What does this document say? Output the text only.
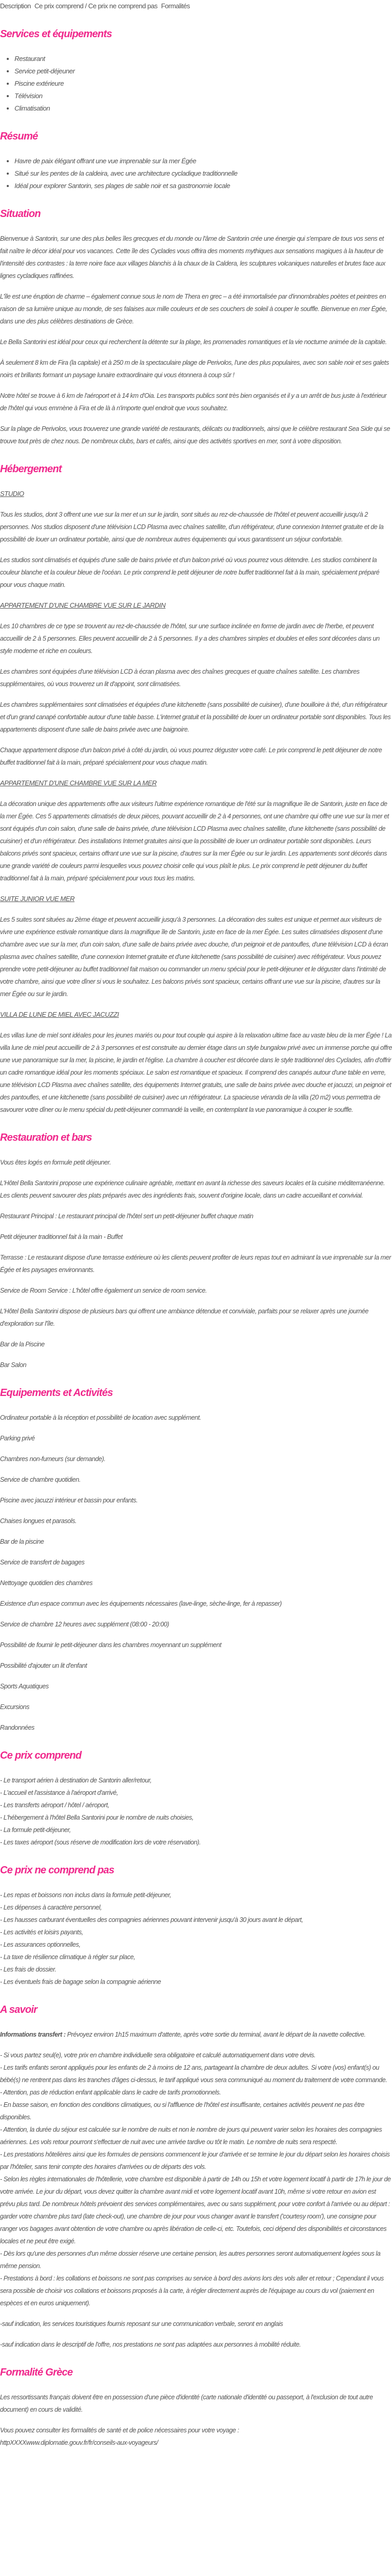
Description Ce prix comprend / Ce prix ne comprend pas Formalités
Services et équipements
• Restaurant
• Service petit-déjeuner
• Piscine extérieure
• Télévision
• Climatisation
Résumé
• Havre de paix élégant offrant une vue imprenable sur la mer Égée
• Situé sur les pentes de la caldeira, avec une architecture cycladique traditionnelle
• Idéal pour explorer Santorin, ses plages de sable noir et sa gastronomie locale
Situation

Bienvenue à Santorin, sur une des plus belles îles grecques et du monde ou l'âme de Santorin crée une énergie qui s'empare de tous vos sens et fait naître le décor idéal pour vos vacances. Cette île des Cyclades vous offrira des moments mythiques aux sensations magiques à la hauteur de l'intensité des contrastes : la terre noire face aux villages blanchis à la chaux de la Caldera, les sculptures volcaniques naturelles et brutes face aux lignes cycladiques raffinées.

L'île est une éruption de charme – également connue sous le nom de Thera en grec – a été immortalisée par d'innombrables poètes et peintres en raison de sa lumière unique au monde, de ses falaises aux mille couleurs et de ses couchers de soleil à couper le souffle. Bienvenue en mer Égée, dans une des plus célèbres destinations de Grèce.

Le Bella Santorini est idéal pour ceux qui recherchent la détente sur la plage, les promenades romantiques et la vie nocturne animée de la capitale.

À seulement 8 km de Fira (la capitale) et à 250 m de la spectaculaire plage de Perivolos, l'une des plus populaires, avec son sable noir et ses galets noirs et brillants formant un paysage lunaire extraordinaire qui vous étonnera à coup sûr !

Notre hôtel se trouve à 6 km de l'aéroport et à 14 km d'Oia. Les transports publics sont très bien organisés et il y a un arrêt de bus juste à l'extérieur de l'hôtel qui vous emmène à Fira et de là à n'importe quel endroit que vous souhaitez.

Sur la plage de Perivolos, vous trouverez une grande variété de restaurants, délicats ou traditionnels, ainsi que le célèbre restaurant Sea Side qui se trouve tout près de chez nous. De nombreux clubs, bars et cafés, ainsi que des activités sportives en mer, sont à votre disposition.

Hébergement
STUDIO

Tous les studios, dont 3 offrent une vue sur la mer et un sur le jardin, sont situés au rez-de-chaussée de l'hôtel et peuvent accueillir jusqu'à 2 personnes. Nos studios disposent d'une télévision LCD Plasma avec chaînes satellite, d'un réfrigérateur, d'une connexion Internet gratuite et de la possibilité de louer un ordinateur portable, ainsi que de nombreux autres équipements qui vous garantissent un séjour confortable.

Les studios sont climatisés et équipés d'une salle de bains privée et d'un balcon privé où vous pourrez vous détendre. Les studios combinent la couleur blanche et la couleur bleue de l'océan. Le prix comprend le petit déjeuner de notre buffet traditionnel fait à la main, spécialement préparé pour vous chaque matin.

APPARTEMENT D'UNE CHAMBRE VUE SUR LE JARDIN

Les 10 chambres de ce type se trouvent au rez-de-chaussée de l'hôtel, sur une surface inclinée en forme de jardin avec de l'herbe, et peuvent accueillir de 2 à 5 personnes. Elles peuvent accueillir de 2 à 5 personnes. Il y a des chambres simples et doubles et elles sont décorées dans un style moderne et riche en couleurs.

Les chambres sont équipées d'une télévision LCD à écran plasma avec des chaînes grecques et quatre chaînes satellite. Les chambres supplémentaires, où vous trouverez un lit d'appoint, sont climatisées.

Les chambres supplémentaires sont climatisées et équipées d'une kitchenette (sans possibilité de cuisiner), d'une bouilloire à thé, d'un réfrigérateur et d'un grand canapé confortable autour d'une table basse. L'internet gratuit et la possibilité de louer un ordinateur portable sont disponibles. Tous les appartements disposent d'une salle de bains privée avec une baignoire.

Chaque appartement dispose d'un balcon privé à côté du jardin, où vous pourrez déguster votre café. Le prix comprend le petit déjeuner de notre buffet traditionnel fait à la main, préparé spécialement pour vous chaque matin.

APPARTEMENT D'UNE CHAMBRE VUE SUR LA MER

La décoration unique des appartements offre aux visiteurs l'ultime expérience romantique de l'été sur la magnifique île de Santorin, juste en face de la mer Égée. Ces 5 appartements climatisés de deux pièces, pouvant accueillir de 2 à 4 personnes, ont une chambre qui offre une vue sur la mer et sont équipés d'un coin salon, d'une salle de bains privée, d'une télévision LCD Plasma avec chaînes satellite, d'une kitchenette (sans possibilité de cuisiner) et d'un réfrigérateur. Des installations Internet gratuites ainsi que la possibilité de louer un ordinateur portable sont disponibles. Leurs balcons privés sont spacieux, certains offrant une vue sur la piscine, d'autres sur la mer Égée ou sur le jardin. Les appartements sont décorés dans une grande variété de couleurs parmi lesquelles vous pouvez choisir celle qui vous plaît le plus. Le prix comprend le petit déjeuner du buffet traditionnel fait à la main, préparé spécialement pour vous tous les matins.

SUITE JUNIOR VUE MER

Les 5 suites sont situées au 2ème étage et peuvent accueillir jusqu'à 3 personnes. La décoration des suites est unique et permet aux visiteurs de vivre une expérience estivale romantique dans la magnifique île de Santorin, juste en face de la mer Égée. Les suites climatisées disposent d'une chambre avec vue sur la mer, d'un coin salon, d'une salle de bains privée avec douche, d'un peignoir et de pantoufles, d'une télévision LCD à écran plasma avec chaînes satellite, d'une connexion Internet gratuite et d'une kitchenette (sans possibilité de cuisiner) avec réfrigérateur. Vous pouvez prendre votre petit-déjeuner au buffet traditionnel fait maison ou commander un menu spécial pour le petit-déjeuner et le déguster dans l'intimité de votre chambre, ainsi que votre dîner si vous le souhaitez. Les balcons privés sont spacieux, certains offrant une vue sur la piscine, d'autres sur la mer Égée ou sur le jardin.

VILLA DE LUNE DE MIEL AVEC JACUZZI

Les villas lune de miel sont idéales pour les jeunes mariés ou pour tout couple qui aspire à la relaxation ultime face au vaste bleu de la mer Égée ! La villa lune de miel peut accueillir de 2 à 3 personnes et est construite au dernier étage dans un style bungalow privé avec un immense porche qui offre une vue panoramique sur la mer, la piscine, le jardin et l'église. La chambre à coucher est décorée dans le style traditionnel des Cyclades, afin d'offrir un cadre romantique idéal pour les moments spéciaux. Le salon est romantique et spacieux. Il comprend des canapés autour d'une table en verre, une télévision LCD Plasma avec chaînes satellite, des équipements Internet gratuits, une salle de bains privée avec douche et jacuzzi, un peignoir et des pantoufles, et une kitchenette (sans possibilité de cuisiner) avec un réfrigérateur. La spacieuse véranda de la villa (20 m2) vous permettra de savourer votre dîner ou le menu spécial du petit-déjeuner commandé la veille, en contemplant la vue panoramique à couper le souffle.

Restauration et bars

Vous êtes logés en formule petit déjeuner.

L'Hôtel Bella Santorini propose une expérience culinaire agréable, mettant en avant la richesse des saveurs locales et la cuisine méditerranéenne. Les clients peuvent savourer des plats préparés avec des ingrédients frais, souvent d'origine locale, dans un cadre accueillant et convivial.

Restaurant Principal : Le restaurant principal de l'hôtel sert un petit-déjeuner buffet chaque matin

Petit déjeuner traditionnel fait à la main - Buffet

Terrasse : Le restaurant dispose d'une terrasse extérieure où les clients peuvent profiter de leurs repas tout en admirant la vue imprenable sur la mer Égée et les paysages environnants.

Service de Room Service : L'hôtel offre également un service de room service.

L'Hôtel Bella Santorini dispose de plusieurs bars qui offrent une ambiance détendue et conviviale, parfaits pour se relaxer après une journée d'exploration sur l'île.

Bar de la Piscine

Bar Salon

Equipements et Activités

Ordinateur portable à la réception et possibilité de location avec supplément.

Parking privé

Chambres non-fumeurs (sur demande).

Service de chambre quotidien.

Piscine avec jacuzzi intérieur et bassin pour enfants.

Chaises longues et parasols.

Bar de la piscine

Service de transfert de bagages

Nettoyage quotidien des chambres

Existence d'un espace commun avec les équipements nécessaires (lave-linge, sèche-linge, fer à repasser)

Service de chambre 12 heures avec supplément (08:00 - 20:00)

Possibilité de fournir le petit-déjeuner dans les chambres moyennant un supplément

Possibilité d'ajouter un lit d'enfant

Sports Aquatiques

Excursions

Randonnées

Ce prix comprend
- Le transport aérien à destination de Santorin aller/retour,
- L'accueil et l'assistance à l'aéroport d'arrivé,
- Les transferts aéroport / hôtel / aéroport,
- L'hébergement à l'hôtel Bella Santorini pour le nombre de nuits choisies,
- La formule petit-déjeuner,
- Les taxes aéroport (sous réserve de modification lors de votre réservation).
Ce prix ne comprend pas
- Les repas et boissons non inclus dans la formule petit-déjeuner,
- Les dépenses à caractère personnel,
- Les hausses carburant éventuelles des compagnies aériennes pouvant intervenir jusqu'à 30 jours avant le départ,
- Les activités et loisirs payants,
- Les assurances optionnelles,
- La taxe de résilience climatique à régler sur place,
- Les frais de dossier.
- Les éventuels frais de bagage selon la compagnie aérienne
A savoir

Informations transfert : Prévoyez environ 1h15 maximum d'attente, après votre sortie du terminal, avant le départ de la navette collective.

- Si vous partez seul(e), votre prix en chambre individuelle sera obligatoire et calculé automatiquement dans votre devis.
- Les tarifs enfants seront appliqués pour les enfants de 2 à moins de 12 ans, partageant la chambre de deux adultes. Si votre (vos) enfant(s) ou bébé(s) ne rentrent pas dans les tranches d'âges ci-dessus, le tarif appliqué vous sera communiqué au moment du traitement de votre commande.
- Attention, pas de réduction enfant applicable dans le cadre de tarifs promotionnels.
- En basse saison, en fonction des conditions climatiques, ou si l'affluence de l'hôtel est insuffisante, certaines activités peuvent ne pas être disponibles.
- Attention, la durée du séjour est calculée sur le nombre de nuits et non le nombre de jours qui peuvent varier selon les horaires des compagnies aériennes. Les vols retour pourront s'effectuer de nuit avec une arrivée tardive ou tôt le matin. Le nombre de nuits sera respecté.
- Les prestations hôtelières ainsi que les formules de pensions commencent le jour d'arrivée et se termine le jour du départ selon les horaires choisis par l'hôtelier, sans tenir compte des horaires d'arrivées ou de départs des vols.
- Selon les règles internationales de l'hôtellerie, votre chambre est disponible à partir de 14h ou 15h et votre logement locatif à partir de 17h le jour de votre arrivée. Le jour du départ, vous devez quitter la chambre avant midi et votre logement locatif avant 10h, même si votre retour en avion est prévu plus tard. De nombreux hôtels prévoient des services complémentaires, avec ou sans supplément, pour votre confort à l'arrivée ou au départ : garder votre chambre plus tard (late check-out), une chambre de jour pour vous changer avant le transfert ('courtesy room'), une consigne pour ranger vos bagages avant obtention de votre chambre ou après libération de celle-ci, etc. Toutefois, ceci dépend des disponibilités et circonstances locales et ne peut être exigé.
- Dès lors qu'une des personnes d'un même dossier réserve une certaine pension, les autres personnes seront automatiquement logées sous la même pension.
- Prestations à bord : les collations et boissons ne sont pas comprises au service à bord des avions lors des vols aller et retour ; Cependant il vous sera possible de choisir vos collations et boissons proposés à la carte, à régler directement auprès de l'équipage au cours du vol (paiement en espèces et en euros uniquement).

-sauf indication, les services touristiques fournis reposant sur une communication verbale, seront en anglais

-sauf indication dans le descriptif de l'offre, nos prestations ne sont pas adaptées aux personnes à mobilité réduite.

Formalité Grèce

Les ressortissants français doivent être en possession d'une pièce d'identité (carte nationale d'identité ou passeport, à l'exclusion de tout autre document) en cours de validité.

Vous pouvez consulter les formalités de santé et de police nécessaires pour votre voyage :
httpXXXXwww.diplomatie.gouv.fr/fr/conseils-aux-voyageurs/
